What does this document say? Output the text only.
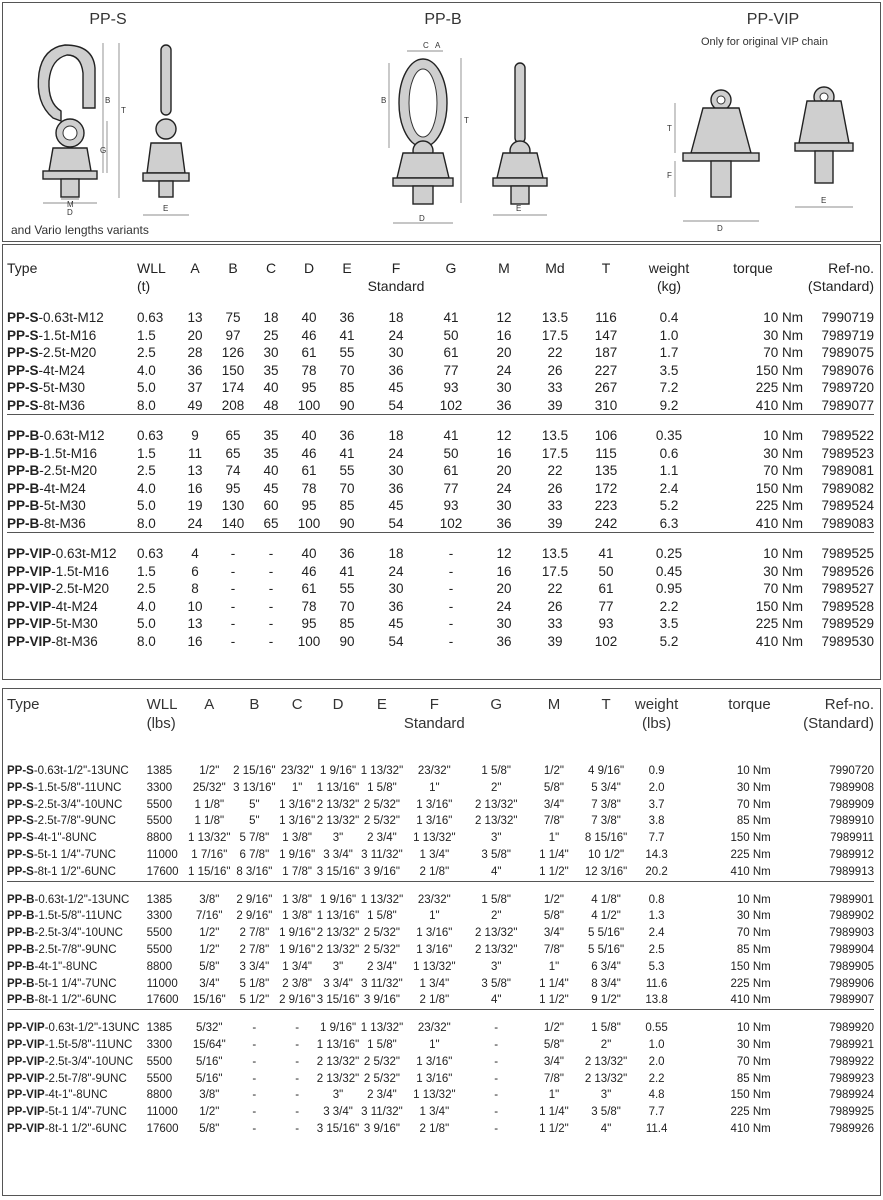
PP-S	PP-B	PP-VIP
Only for original VIP chain
and Vario lengths variants
D
M
B
T
G
E
C A
B
T
D
E
T
F
D
E
Type	WLL
(t)	A	B	C	D	E	F
Standard	G	M	Md	T	weight
(kg)	torque	Ref-no.
(Standard)

PP-S-0.63t-M12	0.63	13	75	18	40	36	18	41	12	13.5	116	0.4	10 Nm	7990719
PP-S-1.5t-M16	1.5	20	97	25	46	41	24	50	16	17.5	147	1.0	30 Nm	7989719
PP-S-2.5t-M20	2.5	28	126	30	61	55	30	61	20	22	187	1.7	70 Nm	7989075
PP-S-4t-M24	4.0	36	150	35	78	70	36	77	24	26	227	3.5	150 Nm	7989076
PP-S-5t-M30	5.0	37	174	40	95	85	45	93	30	33	267	7.2	225 Nm	7989720
PP-S-8t-M36	8.0	49	208	48	100	90	54	102	36	39	310	9.2	410 Nm	7989077

PP-B-0.63t-M12	0.63	9	65	35	40	36	18	41	12	13.5	106	0.35	10 Nm	7989522
PP-B-1.5t-M16	1.5	11	65	35	46	41	24	50	16	17.5	115	0.6	30 Nm	7989523
PP-B-2.5t-M20	2.5	13	74	40	61	55	30	61	20	22	135	1.1	70 Nm	7989081
PP-B-4t-M24	4.0	16	95	45	78	70	36	77	24	26	172	2.4	150 Nm	7989082
PP-B-5t-M30	5.0	19	130	60	95	85	45	93	30	33	223	5.2	225 Nm	7989524
PP-B-8t-M36	8.0	24	140	65	100	90	54	102	36	39	242	6.3	410 Nm	7989083

PP-VIP-0.63t-M12	0.63	4	-	-	40	36	18	-	12	13.5	41	0.25	10 Nm	7989525
PP-VIP-1.5t-M16	1.5	6	-	-	46	41	24	-	16	17.5	50	0.45	30 Nm	7989526
PP-VIP-2.5t-M20	2.5	8	-	-	61	55	30	-	20	22	61	0.95	70 Nm	7989527
PP-VIP-4t-M24	4.0	10	-	-	78	70	36	-	24	26	77	2.2	150 Nm	7989528
PP-VIP-5t-M30	5.0	13	-	-	95	85	45	-	30	33	93	3.5	225 Nm	7989529
PP-VIP-8t-M36	8.0	16	-	-	100	90	54	-	36	39	102	5.2	410 Nm	7989530
Type	WLL
(lbs)	A	B	C	D	E	F
Standard	G	M	T	weight
(lbs)	torque	Ref-no.
(Standard)

PP-S-0.63t-1/2"-13UNC	1385	1/2"	2 15/16"	23/32"	1 9/16"	1 13/32"	23/32"	1 5/8"	1/2"	4 9/16"	0.9	10 Nm	7990720
PP-S-1.5t-5/8"-11UNC	3300	25/32"	3 13/16"	1"	1 13/16"	1 5/8"	1"	2"	5/8"	5 3/4"	2.0	30 Nm	7989908
PP-S-2.5t-3/4"-10UNC	5500	1 1/8"	5"	1 3/16"	2 13/32"	2 5/32"	1 3/16"	2 13/32"	3/4"	7 3/8"	3.7	70 Nm	7989909
PP-S-2.5t-7/8"-9UNC	5500	1 1/8"	5"	1 3/16"	2 13/32"	2 5/32"	1 3/16"	2 13/32"	7/8"	7 3/8"	3.8	85 Nm	7989910
PP-S-4t-1"-8UNC	8800	1 13/32"	5 7/8"	1 3/8"	3"	2 3/4"	1 13/32"	3"	1"	8 15/16"	7.7	150 Nm	7989911
PP-S-5t-1 1/4"-7UNC	11000	1 7/16"	6 7/8"	1 9/16"	3 3/4"	3 11/32"	1 3/4"	3 5/8"	1 1/4"	10 1/2"	14.3	225 Nm	7989912
PP-S-8t-1 1/2"-6UNC	17600	1 15/16"	8 3/16"	1 7/8"	3 15/16"	3 9/16"	2 1/8"	4"	1 1/2"	12 3/16"	20.2	410 Nm	7989913

PP-B-0.63t-1/2"-13UNC	1385	3/8"	2 9/16"	1 3/8"	1 9/16"	1 13/32"	23/32"	1 5/8"	1/2"	4 1/8"	0.8	10 Nm	7989901
PP-B-1.5t-5/8"-11UNC	3300	7/16"	2 9/16"	1 3/8"	1 13/16"	1 5/8"	1"	2"	5/8"	4 1/2"	1.3	30 Nm	7989902
PP-B-2.5t-3/4"-10UNC	5500	1/2"	2 7/8"	1 9/16"	2 13/32"	2 5/32"	1 3/16"	2 13/32"	3/4"	5 5/16"	2.4	70 Nm	7989903
PP-B-2.5t-7/8"-9UNC	5500	1/2"	2 7/8"	1 9/16"	2 13/32"	2 5/32"	1 3/16"	2 13/32"	7/8"	5 5/16"	2.5	85 Nm	7989904
PP-B-4t-1"-8UNC	8800	5/8"	3 3/4"	1 3/4"	3"	2 3/4"	1 13/32"	3"	1"	6 3/4"	5.3	150 Nm	7989905
PP-B-5t-1 1/4"-7UNC	11000	3/4"	5 1/8"	2 3/8"	3 3/4"	3 11/32"	1 3/4"	3 5/8"	1 1/4"	8 3/4"	11.6	225 Nm	7989906
PP-B-8t-1 1/2"-6UNC	17600	15/16"	5 1/2"	2 9/16"	3 15/16"	3 9/16"	2 1/8"	4"	1 1/2"	9 1/2"	13.8	410 Nm	7989907

PP-VIP-0.63t-1/2"-13UNC	1385	5/32"	-	-	1 9/16"	1 13/32"	23/32"	-	1/2"	1 5/8"	0.55	10 Nm	7989920
PP-VIP-1.5t-5/8"-11UNC	3300	15/64"	-	-	1 13/16"	1 5/8"	1"	-	5/8"	2"	1.0	30 Nm	7989921
PP-VIP-2.5t-3/4"-10UNC	5500	5/16"	-	-	2 13/32"	2 5/32"	1 3/16"	-	3/4"	2 13/32"	2.0	70 Nm	7989922
PP-VIP-2.5t-7/8"-9UNC	5500	5/16"	-	-	2 13/32"	2 5/32"	1 3/16"	-	7/8"	2 13/32"	2.2	85 Nm	7989923
PP-VIP-4t-1"-8UNC	8800	3/8"	-	-	3"	2 3/4"	1 13/32"	-	1"	3"	4.8	150 Nm	7989924
PP-VIP-5t-1 1/4"-7UNC	11000	1/2"	-	-	3 3/4"	3 11/32"	1 3/4"	-	1 1/4"	3 5/8"	7.7	225 Nm	7989925
PP-VIP-8t-1 1/2"-6UNC	17600	5/8"	-	-	3 15/16"	3 9/16"	2 1/8"	-	1 1/2"	4"	11.4	410 Nm	7989926
